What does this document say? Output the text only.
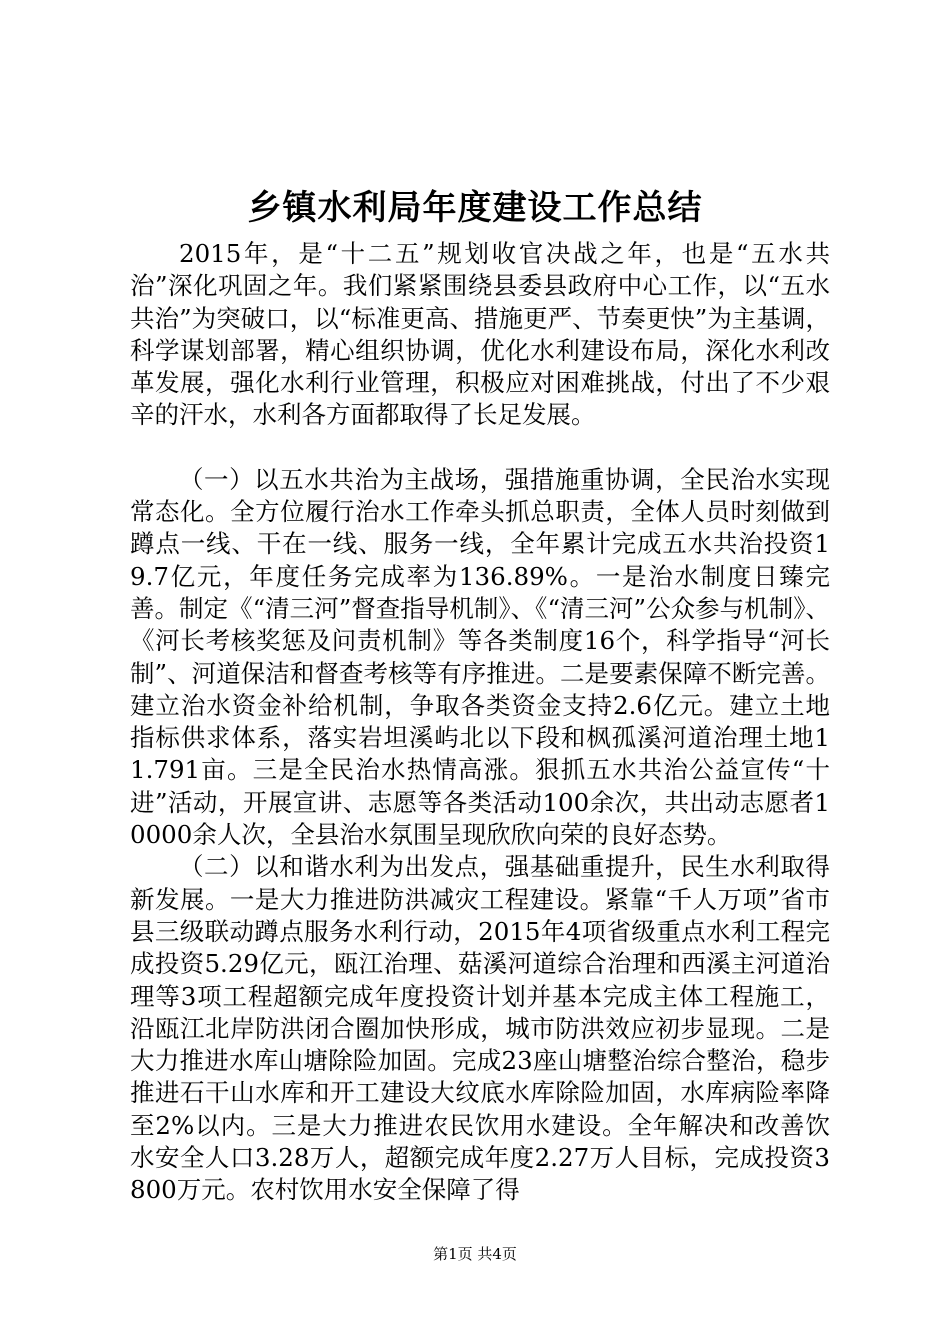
乡镇水利局年度建设工作总结

2015年，是“十二五”规划收官决战之年，也是“五水共治”深化巩固之年。我们紧紧围绕县委县政府中心工作，以“五水共治”为突破口，以“标准更高、措施更严、节奏更快”为主基调，科学谋划部署，精心组织协调，优化水利建设布局，深化水利改革发展，强化水利行业管理，积极应对困难挑战，付出了不少艰辛的汗水，水利各方面都取得了长足发展。

（一）以五水共治为主战场，强措施重协调，全民治水实现常态化。全方位履行治水工作牵头抓总职责，全体人员时刻做到蹲点一线、干在一线、服务一线，全年累计完成五水共治投资19.7亿元，年度任务完成率为136.89%。一是治水制度日臻完善。制定《“清三河”督查指导机制》、《“清三河”公众参与机制》、《河长考核奖惩及问责机制》等各类制度16个，科学指导“河长制”、河道保洁和督查考核等有序推进。二是要素保障不断完善。建立治水资金补给机制，争取各类资金支持2.6亿元。建立土地指标供求体系，落实岩坦溪屿北以下段和枫孤溪河道治理土地11.791亩。三是全民治水热情高涨。狠抓五水共治公益宣传“十进”活动，开展宣讲、志愿等各类活动100余次，共出动志愿者10000余人次，全县治水氛围呈现欣欣向荣的良好态势。

（二）以和谐水利为出发点，强基础重提升，民生水利取得新发展。一是大力推进防洪减灾工程建设。紧靠“千人万项”省市县三级联动蹲点服务水利行动，2015年4项省级重点水利工程完成投资5.29亿元，瓯江治理、菇溪河道综合治理和西溪主河道治理等3项工程超额完成年度投资计划并基本完成主体工程施工，沿瓯江北岸防洪闭合圈加快形成，城市防洪效应初步显现。二是大力推进水库山塘除险加固。完成23座山塘整治综合整治，稳步推进石干山水库和开工建设大纹底水库除险加固，水库病险率降至2%以内。三是大力推进农民饮用水建设。全年解决和改善饮水安全人口3.28万人，超额完成年度2.27万人目标，完成投资3800万元。农村饮用水安全保障了得

第1页 共4页
